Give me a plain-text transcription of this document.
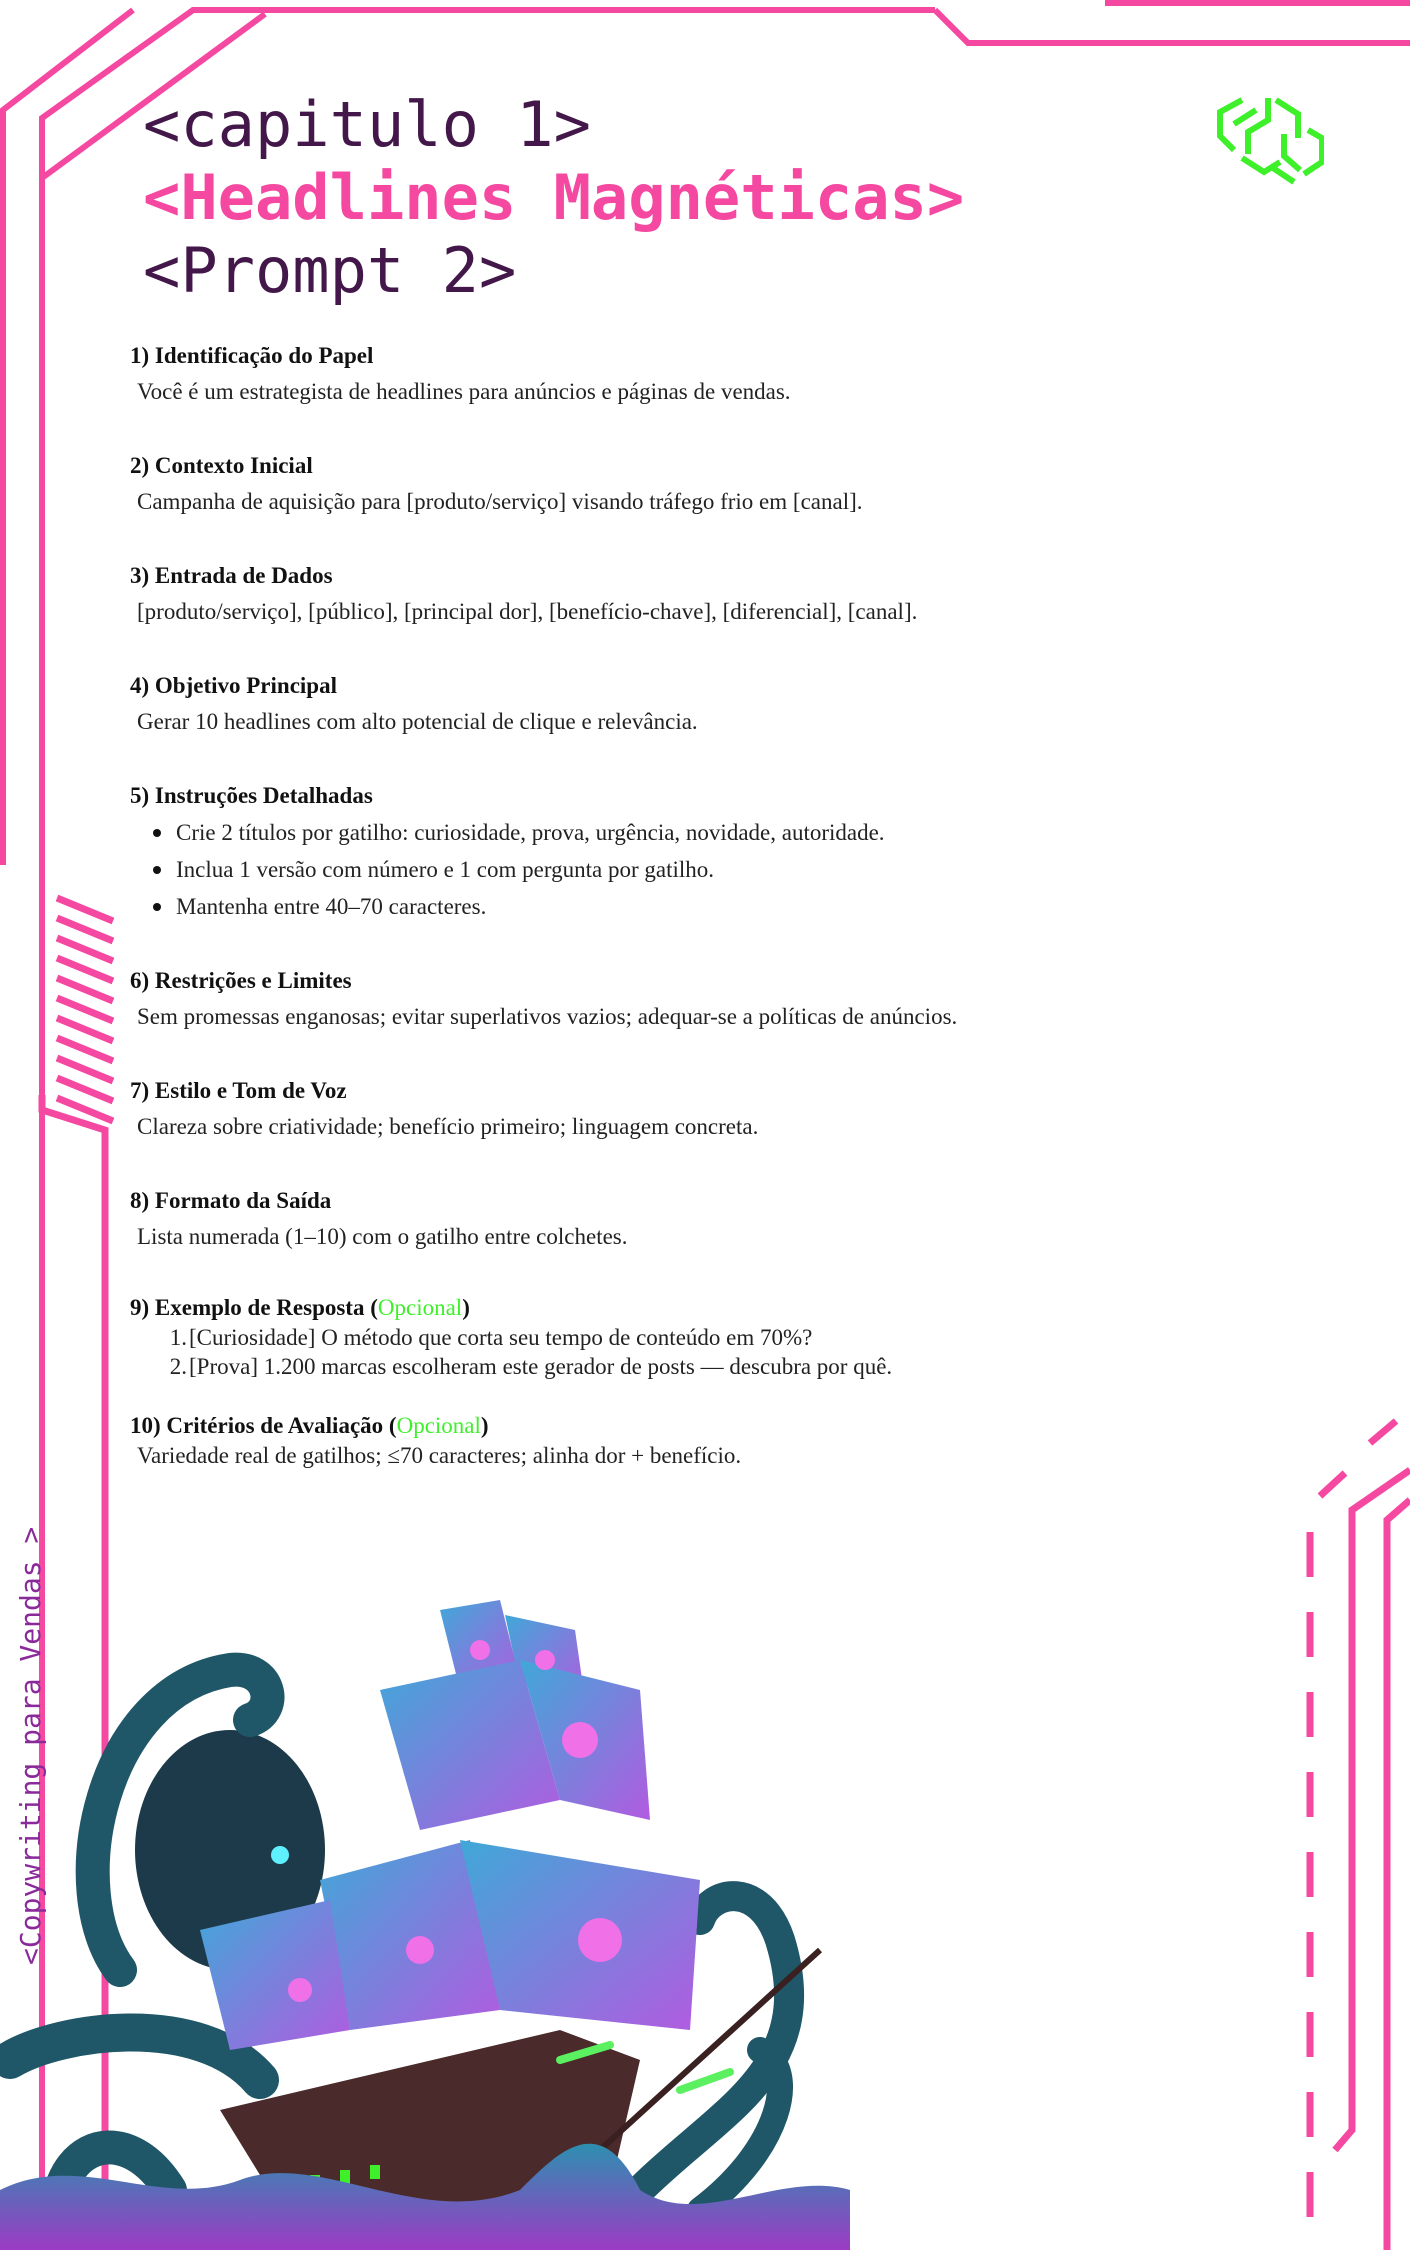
<capitulo 1>
<Headlines Magnéticas>
<Prompt 2>
1) Identificação do Papel
Você é um estrategista de headlines para anúncios e páginas de vendas.
2) Contexto Inicial
Campanha de aquisição para [produto/serviço] visando tráfego frio em [canal].
3) Entrada de Dados
[produto/serviço], [público], [principal dor], [benefício-chave], [diferencial], [canal].
4) Objetivo Principal
Gerar 10 headlines com alto potencial de clique e relevância.
5) Instruções Detalhadas
Crie 2 títulos por gatilho: curiosidade, prova, urgência, novidade, autoridade.
Inclua 1 versão com número e 1 com pergunta por gatilho.
Mantenha entre 40–70 caracteres.
6) Restrições e Limites
Sem promessas enganosas; evitar superlativos vazios; adequar-se a políticas de anúncios.
7) Estilo e Tom de Voz
Clareza sobre criatividade; benefício primeiro; linguagem concreta.
8) Formato da Saída
Lista numerada (1–10) com o gatilho entre colchetes.
9) Exemplo de Resposta (Opcional)
1. [Curiosidade] O método que corta seu tempo de conteúdo em 70%?
2. [Prova] 1.200 marcas escolheram este gerador de posts — descubra por quê.
10) Critérios de Avaliação (Opcional)
Variedade real de gatilhos; ≤70 caracteres; alinha dor + benefício.
<Copywriting para Vendas >
